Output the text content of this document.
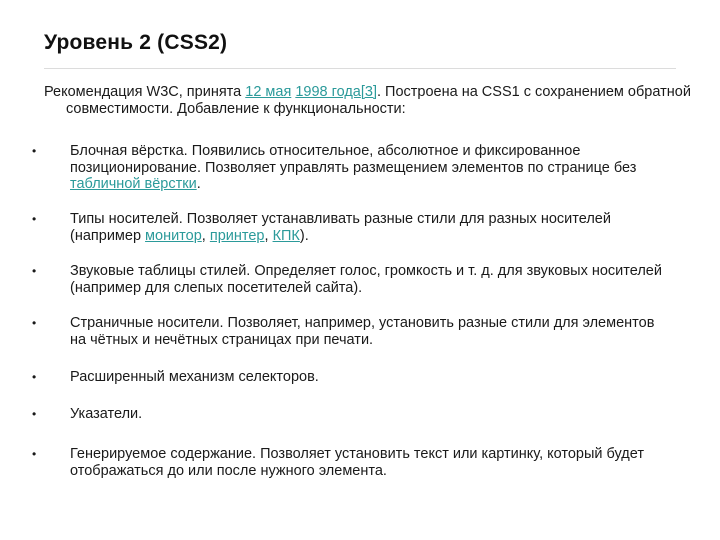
Уровень 2 (CSS2)

Рекомендация W3C, принята 12 мая 1998 года[3]. Построена на CSS1 с сохранением обратной совместимости. Добавление к функциональности:

•	Блочная вёрстка. Появились относительное, абсолютное и фиксированное позиционирование. Позволяет управлять размещением элементов по странице без табличной вёрстки.
•	Типы носителей. Позволяет устанавливать разные стили для разных носителей (например монитор, принтер, КПК).
•	Звуковые таблицы стилей. Определяет голос, громкость и т. д. для звуковых носителей (например для слепых посетителей сайта).
•	Страничные носители. Позволяет, например, установить разные стили для элементов на чётных и нечётных страницах при печати.
•	Расширенный механизм селекторов.
•	Указатели.
•	Генерируемое содержание. Позволяет установить текст или картинку, который будет отображаться до или после нужного элемента.
